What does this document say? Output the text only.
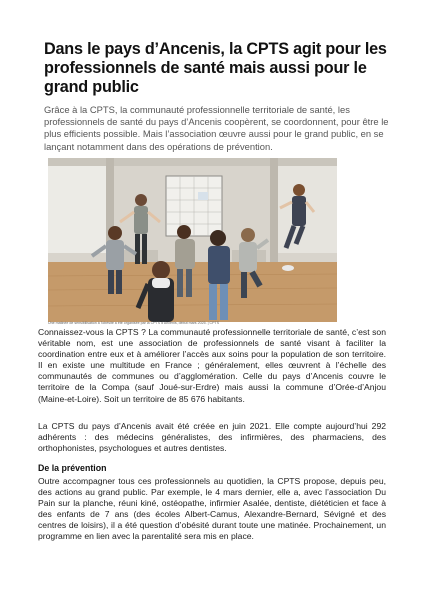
Dans le pays d’Ancenis, la CPTS agit pour les professionnels de santé mais aussi pour le grand public

Grâce à la CPTS, la communauté professionnelle territoriale de santé, les professionnels de santé du pays d’Ancenis coopèrent, se coordonnent, pour être le plus efficients possible. Mais l’association œuvre aussi pour le grand public, en se lançant notamment dans des opérations de prévention.

Une matinée de sensibilisation à l'obésité a été organisée par la CPTS d'Ancenis, début mars 2025. | CPTS

Connaissez-vous la CPTS ? La communauté professionnelle territoriale de santé, c’est son véritable nom, est une association de professionnels de santé visant à faciliter la coordination entre eux et à améliorer l’accès aux soins pour la population de son territoire. Il en existe une multitude en France ; généralement, elles œuvrent à l’échelle des communautés de communes ou d’agglomération. Celle du pays d’Ancenis couvre le territoire de la Compa (sauf Joué-sur-Erdre) mais aussi la commune d’Orée-d’Anjou (Maine-et-Loire). Soit un territoire de 85 676 habitants.

La CPTS du pays d’Ancenis avait été créée en juin 2021. Elle compte aujourd’hui 292 adhérents : des médecins généralistes, des infirmières, des pharmaciens, des orthophonistes, psychologues et autres dentistes.

De la prévention

Outre accompagner tous ces professionnels au quotidien, la CPTS propose, depuis peu, des actions au grand public. Par exemple, le 4 mars dernier, elle a, avec l’association Du Pain sur la planche, réuni kiné, ostéopathe, infirmier Asalée, dentiste, diététicien et face à des enfants de 7 ans (des écoles Albert-Camus, Alexandre-Bernard, Sévigné et des centres de loisirs), il a été question d’obésité durant toute une matinée. Prochainement, un programme en lien avec la parentalité sera mis en place.
